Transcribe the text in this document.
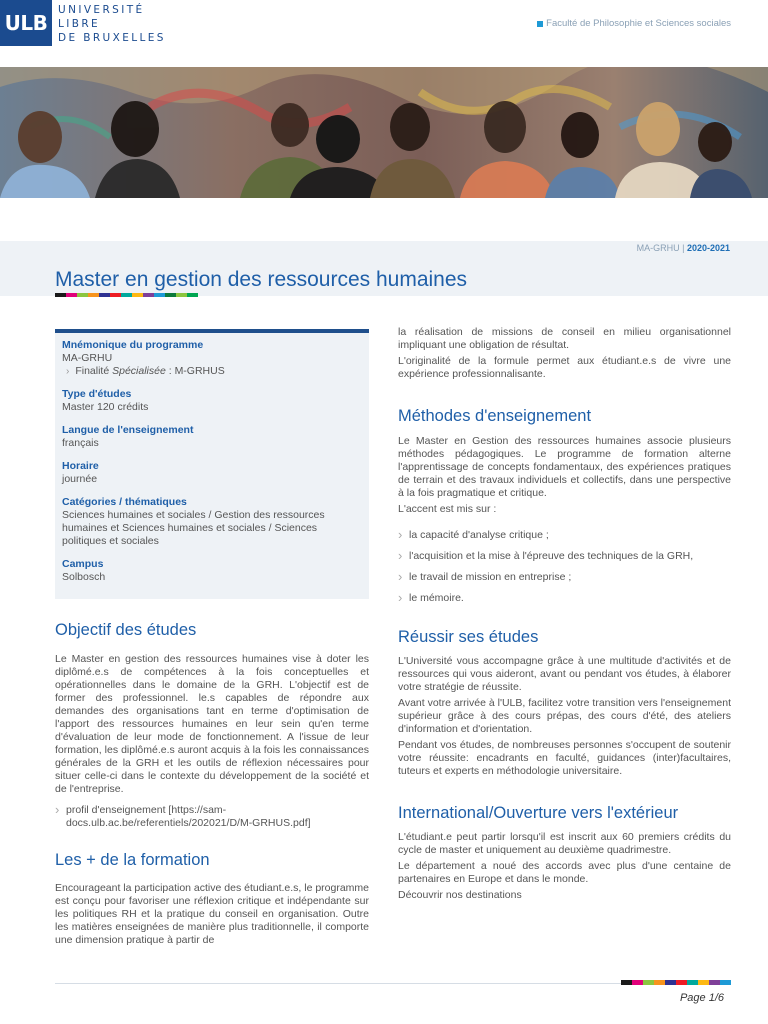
ULB
UNIVERSITÉ
LIBRE
DE BRUXELLES
Faculté de Philosophie et Sciences sociales
MA-GRHU | 2020-2021
Master en gestion des ressources humaines
Mnémonique du programme
MA-GRHU
› Finalité Spécialisée : M-GRHUS
Type d'études
Master 120 crédits
Langue de l'enseignement
français
Horaire
journée
Catégories / thématiques
Sciences humaines et sociales / Gestion des ressources humaines et Sciences humaines et sociales / Sciences politiques et sociales
Campus
Solbosch
Objectif des études

Le Master en gestion des ressources humaines vise à doter les diplômé.e.s de compétences à la fois conceptuelles et opérationnelles dans le domaine de la GRH. L'objectif est de former des professionnel. le.s capables de répondre aux demandes des organisations tant en terme d'optimisation de l'apport des ressources humaines en leur sein qu'en terme d'évaluation de leur mode de fonctionnement. A l'issue de leur formation, les diplômé.e.s auront acquis à la fois les connaissances générales de la GRH et les outils de réflexion nécessaires pour situer celle-ci dans le contexte du développement de la société et de l'entreprise.

› profil d'enseignement [https://sam-docs.ulb.ac.be/referentiels/202021/D/M-GRHUS.pdf]
Les + de la formation

Encourageant la participation active des étudiant.e.s, le programme est conçu pour favoriser une réflexion critique et indépendante sur les politiques RH et la pratique du conseil en organisation. Outre les matières enseignées de manière plus traditionnelle, il comporte une dimension pratique à partir de

la réalisation de missions de conseil en milieu organisationnel impliquant une obligation de résultat.

L'originalité de la formule permet aux étudiant.e.s de vivre une expérience professionnalisante.

Méthodes d'enseignement

Le Master en Gestion des ressources humaines associe plusieurs méthodes pédagogiques. Le programme de formation alterne l'apprentissage de concepts fondamentaux, des expériences pratiques de terrain et des travaux individuels et collectifs, dans une perspective à la fois pragmatique et critique.

L'accent est mis sur :

› la capacité d'analyse critique ;
› l'acquisition et la mise à l'épreuve des techniques de la GRH,
› le travail de mission en entreprise ;
› le mémoire.
Réussir ses études

L'Université vous accompagne grâce à une multitude d'activités et de ressources qui vous aideront, avant ou pendant vos études, à élaborer votre stratégie de réussite.

Avant votre arrivée à l'ULB, facilitez votre transition vers l'enseignement supérieur grâce à des cours prépas, des cours d'été, des ateliers d'information et d'orientation.

Pendant vos études, de nombreuses personnes s'occupent de soutenir votre réussite: encadrants en faculté, guidances (inter)facultaires, tuteurs et experts en méthodologie universitaire.

International/Ouverture vers l'extérieur

L'étudiant.e peut partir lorsqu'il est inscrit aux 60 premiers crédits du cycle de master et uniquement au deuxième quadrimestre.

Le département a noué des accords avec plus d'une centaine de partenaires en Europe et dans le monde.

Découvrir nos destinations

Page 1/6
